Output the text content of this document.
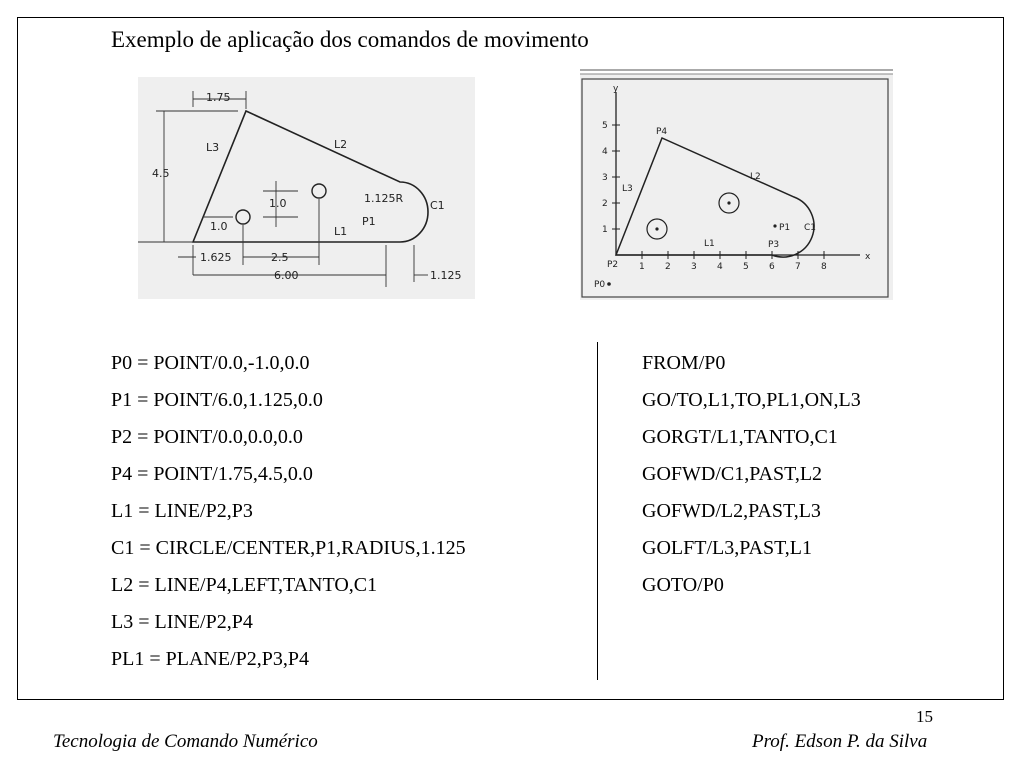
Exemplo de aplicação dos comandos de movimento
1.75
4.5
1.0
1.0	1.125R
1.625	2.5
6.00	1.125
L3	L2
L1
P1
C1
y
x
1 2 3 4 5 6 7 8
1
2
3
4
5
P4
L3
L2
L1
P1 C1
P3
P2
P0
P0 = POINT/0.0,-1.0,0.0
P1 = POINT/6.0,1.125,0.0
P2 = POINT/0.0,0.0,0.0
P4 = POINT/1.75,4.5,0.0
L1 = LINE/P2,P3
C1 = CIRCLE/CENTER,P1,RADIUS,1.125
L2 = LINE/P4,LEFT,TANTO,C1
L3 = LINE/P2,P4
PL1 = PLANE/P2,P3,P4
FROM/P0
GO/TO,L1,TO,PL1,ON,L3
GORGT/L1,TANTO,C1
GOFWD/C1,PAST,L2
GOFWD/L2,PAST,L3
GOLFT/L3,PAST,L1
GOTO/P0
15
Tecnologia de Comando Numérico	Prof. Edson P. da Silva
